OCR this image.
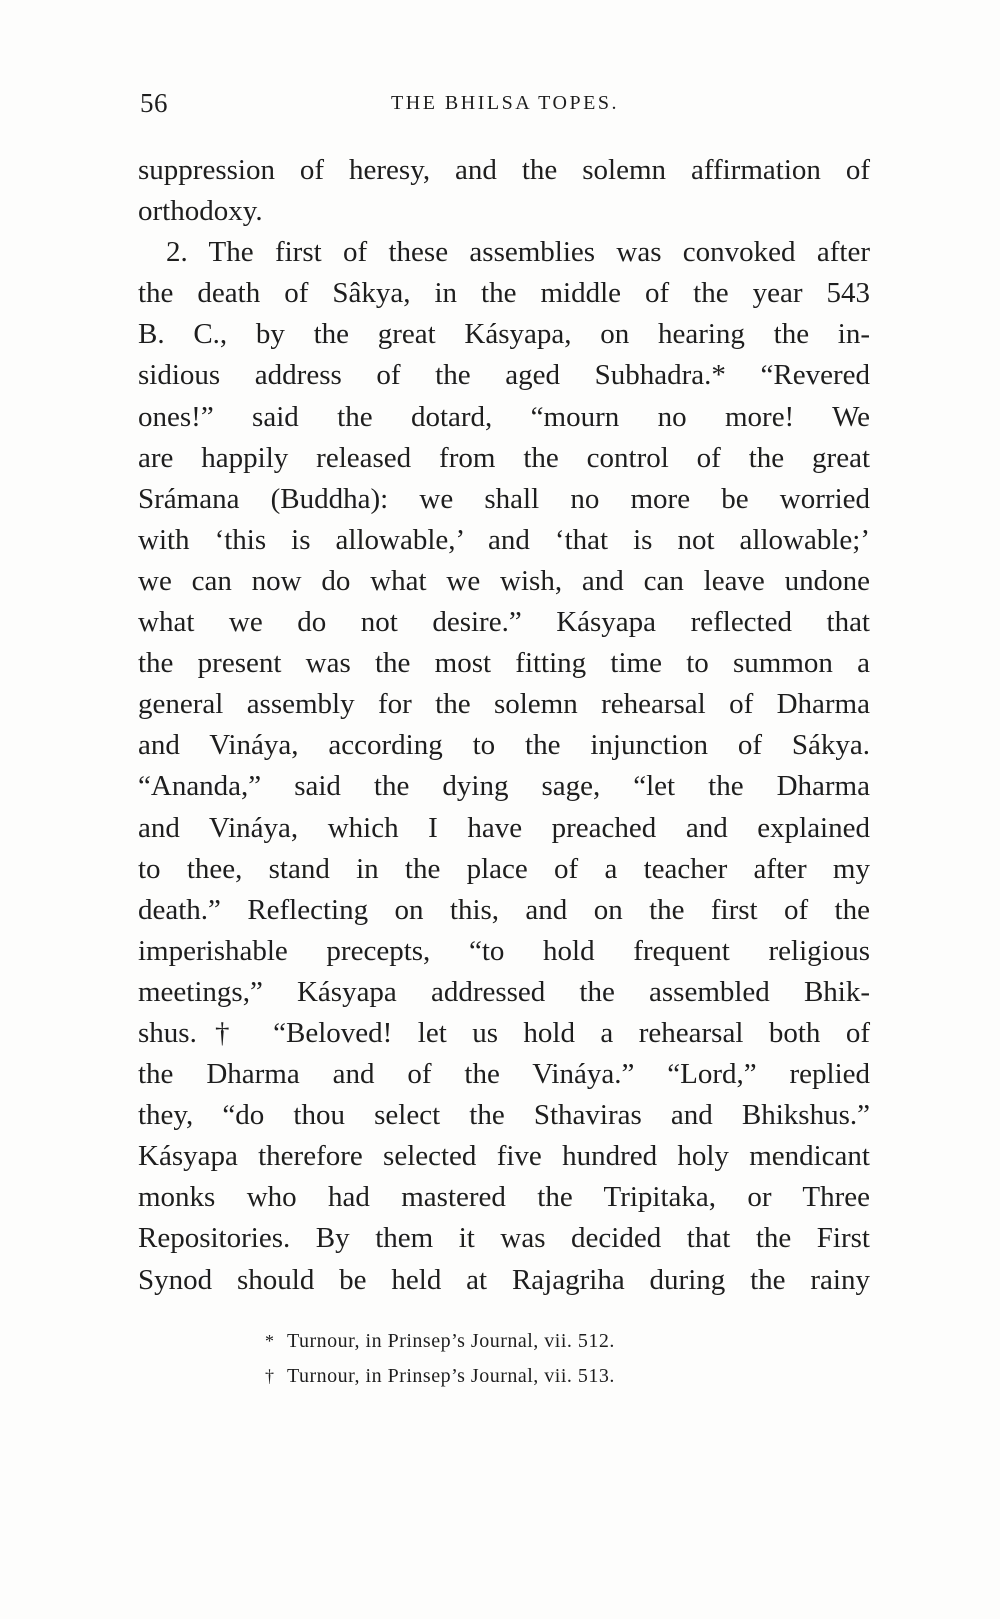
56	THE BHILSA TOPES.
suppression of heresy, and the solemn affirmation of
orthodoxy.
2. The first of these assemblies was convoked after
the death of Sâkya, in the middle of the year 543
B. C., by the great Kásyapa, on hearing the in-
sidious address of the aged Subhadra.* “Revered
ones!” said the dotard, “mourn no more! We
are happily released from the control of the great
Srámana (Buddha): we shall no more be worried
with ‘this is allowable,’ and ‘that is not allowable;’
we can now do what we wish, and can leave undone
what we do not desire.” Kásyapa reflected that
the present was the most fitting time to summon a
general assembly for the solemn rehearsal of Dharma
and Vináya, according to the injunction of Sákya.
“Ananda,” said the dying sage, “let the Dharma
and Vináya, which I have preached and explained
to thee, stand in the place of a teacher after my
death.” Reflecting on this, and on the first of the
imperishable precepts, “to hold frequent religious
meetings,” Kásyapa addressed the assembled Bhik-
shus.† “Beloved! let us hold a rehearsal both of
the Dharma and of the Vináya.” “Lord,” replied
they, “do thou select the Sthaviras and Bhikshus.”
Kásyapa therefore selected five hundred holy mendicant
monks who had mastered the Tripitaka, or Three
Repositories. By them it was decided that the First
Synod should be held at Rajagriha during the rainy
* Turnour, in Prinsep’s Journal, vii. 512.
†Turnour, in Prinsep’s Journal, vii. 513.
